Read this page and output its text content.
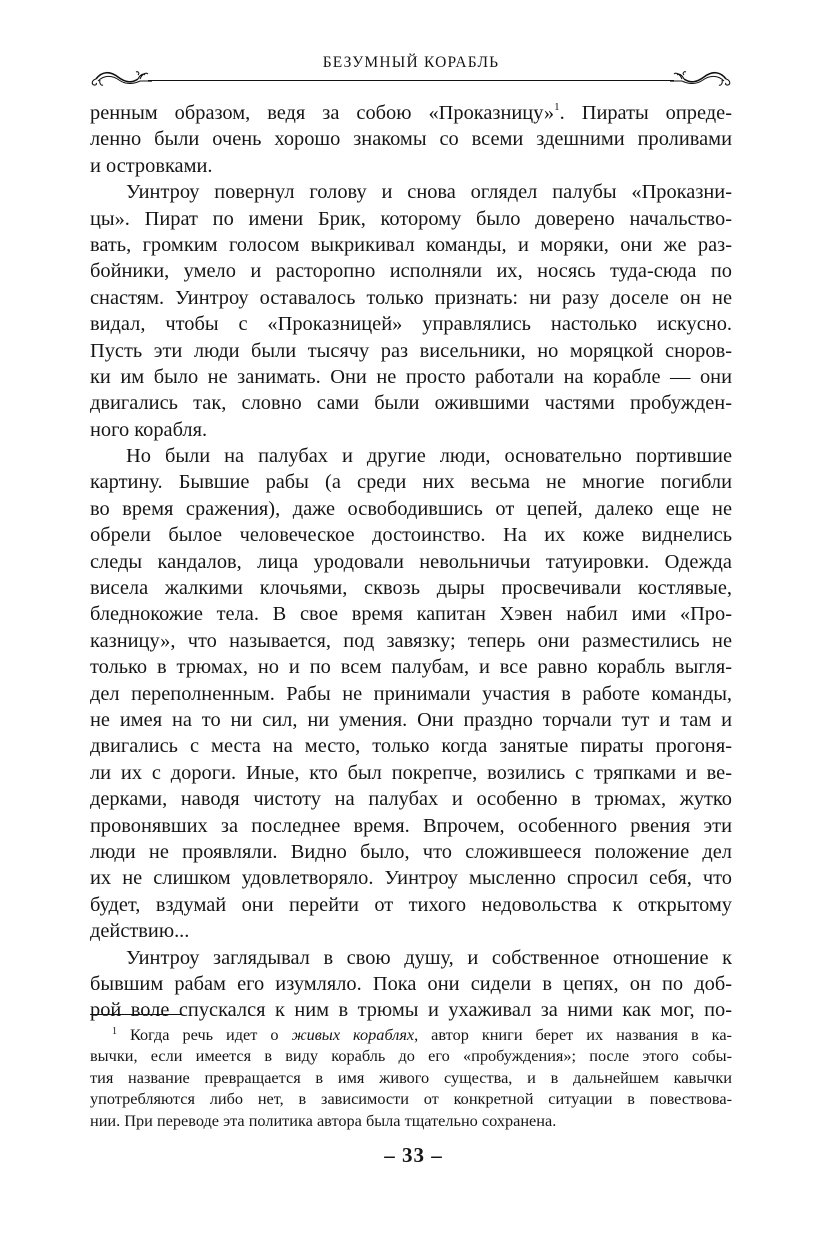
БЕЗУМНЫЙ КОРАБЛЬ
ренным образом, ведя за собою «Проказницу»$^1$. Пираты опреде-
ленно были очень хорошо знакомы со всеми здешними проливами
и островками.
Уинтроу повернул голову и снова оглядел палубы «Проказни-
цы». Пират по имени Брик, которому было доверено начальство-
вать, громким голосом выкрикивал команды, и моряки, они же раз-
бойники, умело и расторопно исполняли их, носясь туда-сюда по
снастям. Уинтроу оставалось только признать: ни разу доселе он не
видал, чтобы с «Проказницей» управлялись настолько искусно.
Пусть эти люди были тысячу раз висельники, но моряцкой сноров-
ки им было не занимать. Они не просто работали на корабле — они
двигались так, словно сами были ожившими частями пробужден-
ного корабля.
Но были на палубах и другие люди, основательно портившие
картину. Бывшие рабы (а среди них весьма не многие погибли
во время сражения), даже освободившись от цепей, далеко еще не
обрели былое человеческое достоинство. На их коже виднелись
следы кандалов, лица уродовали невольничьи татуировки. Одежда
висела жалкими клочьями, сквозь дыры просвечивали костлявые,
бледнокожие тела. В свое время капитан Хэвен набил ими «Про-
казницу», что называется, под завязку; теперь они разместились не
только в трюмах, но и по всем палубам, и все равно корабль выгля-
дел переполненным. Рабы не принимали участия в работе команды,
не имея на то ни сил, ни умения. Они праздно торчали тут и там и
двигались с места на место, только когда занятые пираты прогоня-
ли их с дороги. Иные, кто был покрепче, возились с тряпками и ве-
дерками, наводя чистоту на палубах и особенно в трюмах, жутко
провонявших за последнее время. Впрочем, особенного рвения эти
люди не проявляли. Видно было, что сложившееся положение дел
их не слишком удовлетворяло. Уинтроу мысленно спросил себя, что
будет, вздумай они перейти от тихого недовольства к открытому
действию...
Уинтроу заглядывал в свою душу, и собственное отношение к
бывшим рабам его изумляло. Пока они сидели в цепях, он по доб-
рой воле спускался к ним в трюмы и ухаживал за ними как мог, по-
$^1$ Когда речь идет о живых кораблях, автор книги берет их названия в ка-
вычки, если имеется в виду корабль до его «пробуждения»; после этого собы-
тия название превращается в имя живого существа, и в дальнейшем кавычки
употребляются либо нет, в зависимости от конкретной ситуации в повествова-
нии. При переводе эта политика автора была тщательно сохранена.
– 33 –
